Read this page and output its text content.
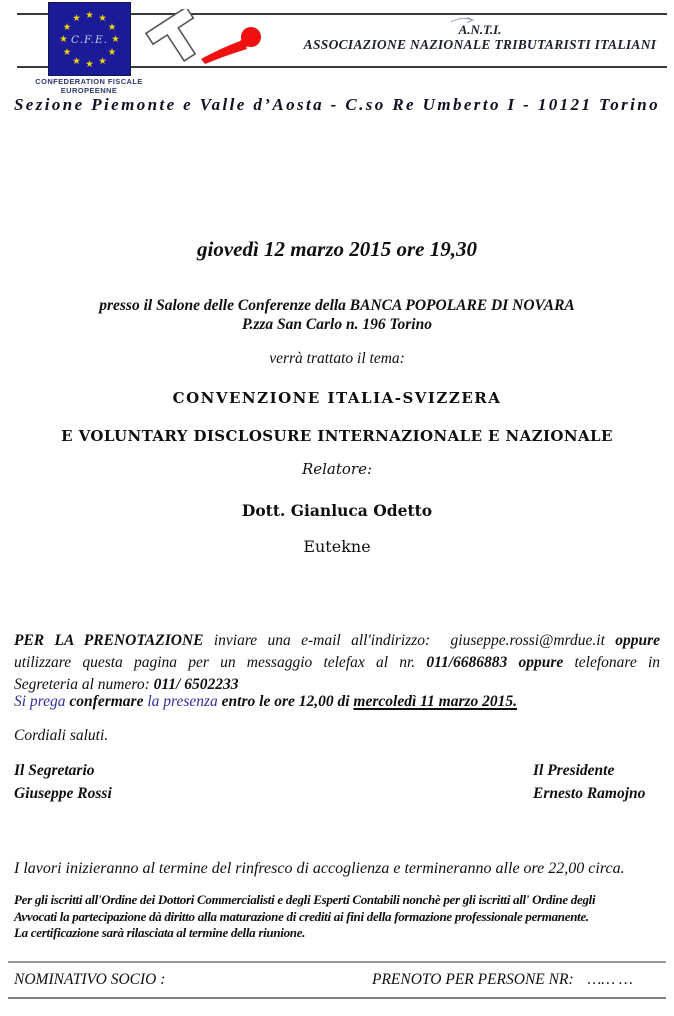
★ ★
★
★
★
★
★
★
★
★
★
★
C.F.E.
A.N.T.I.
ASSOCIAZIONE NAZIONALE TRIBUTARISTI ITALIANI
CONFEDERATION FISCALE
EUROPEENNE
Sezione Piemonte e Valle d’Aosta - C.so Re Umberto I - 10121 Torino
giovedì 12 marzo 2015 ore 19,30
presso il Salone delle Conferenze della BANCA POPOLARE DI NOVARA
P.zza San Carlo n. 196 Torino
verrà trattato il tema:
CONVENZIONE ITALIA-SVIZZERA
E VOLUNTARY DISCLOSURE INTERNAZIONALE E NAZIONALE
Relatore:
Dott. Gianluca Odetto
Eutekne
PER LA PRENOTAZIONE inviare una e-mail all'indirizzo: giuseppe.rossi@mrdue.it oppure
utilizzare questa pagina per un messaggio telefax al nr. 011/6686883 oppure telefonare in
Segreteria al numero: 011/ 6502233
Si prega confermare la presenza entro le ore 12,00 di mercoledì 11 marzo 2015.
Cordiali saluti.
Il Segretario
Giuseppe Rossi
Il Presidente
Ernesto Ramojno
I lavori inizieranno al termine del rinfresco di accoglienza e termineranno alle ore 22,00 circa.
Per gli iscritti all'Ordine dei Dottori Commercialisti e degli Esperti Contabili nonchè per gli iscritti all' Ordine degli
Avvocati la partecipazione dà diritto alla maturazione di crediti ai fini della formazione professionale permanente.
La certificazione sarà rilasciata al termine della riunione.
NOMINATIVO SOCIO :	PRENOTO PER PERSONE NR: …… …
